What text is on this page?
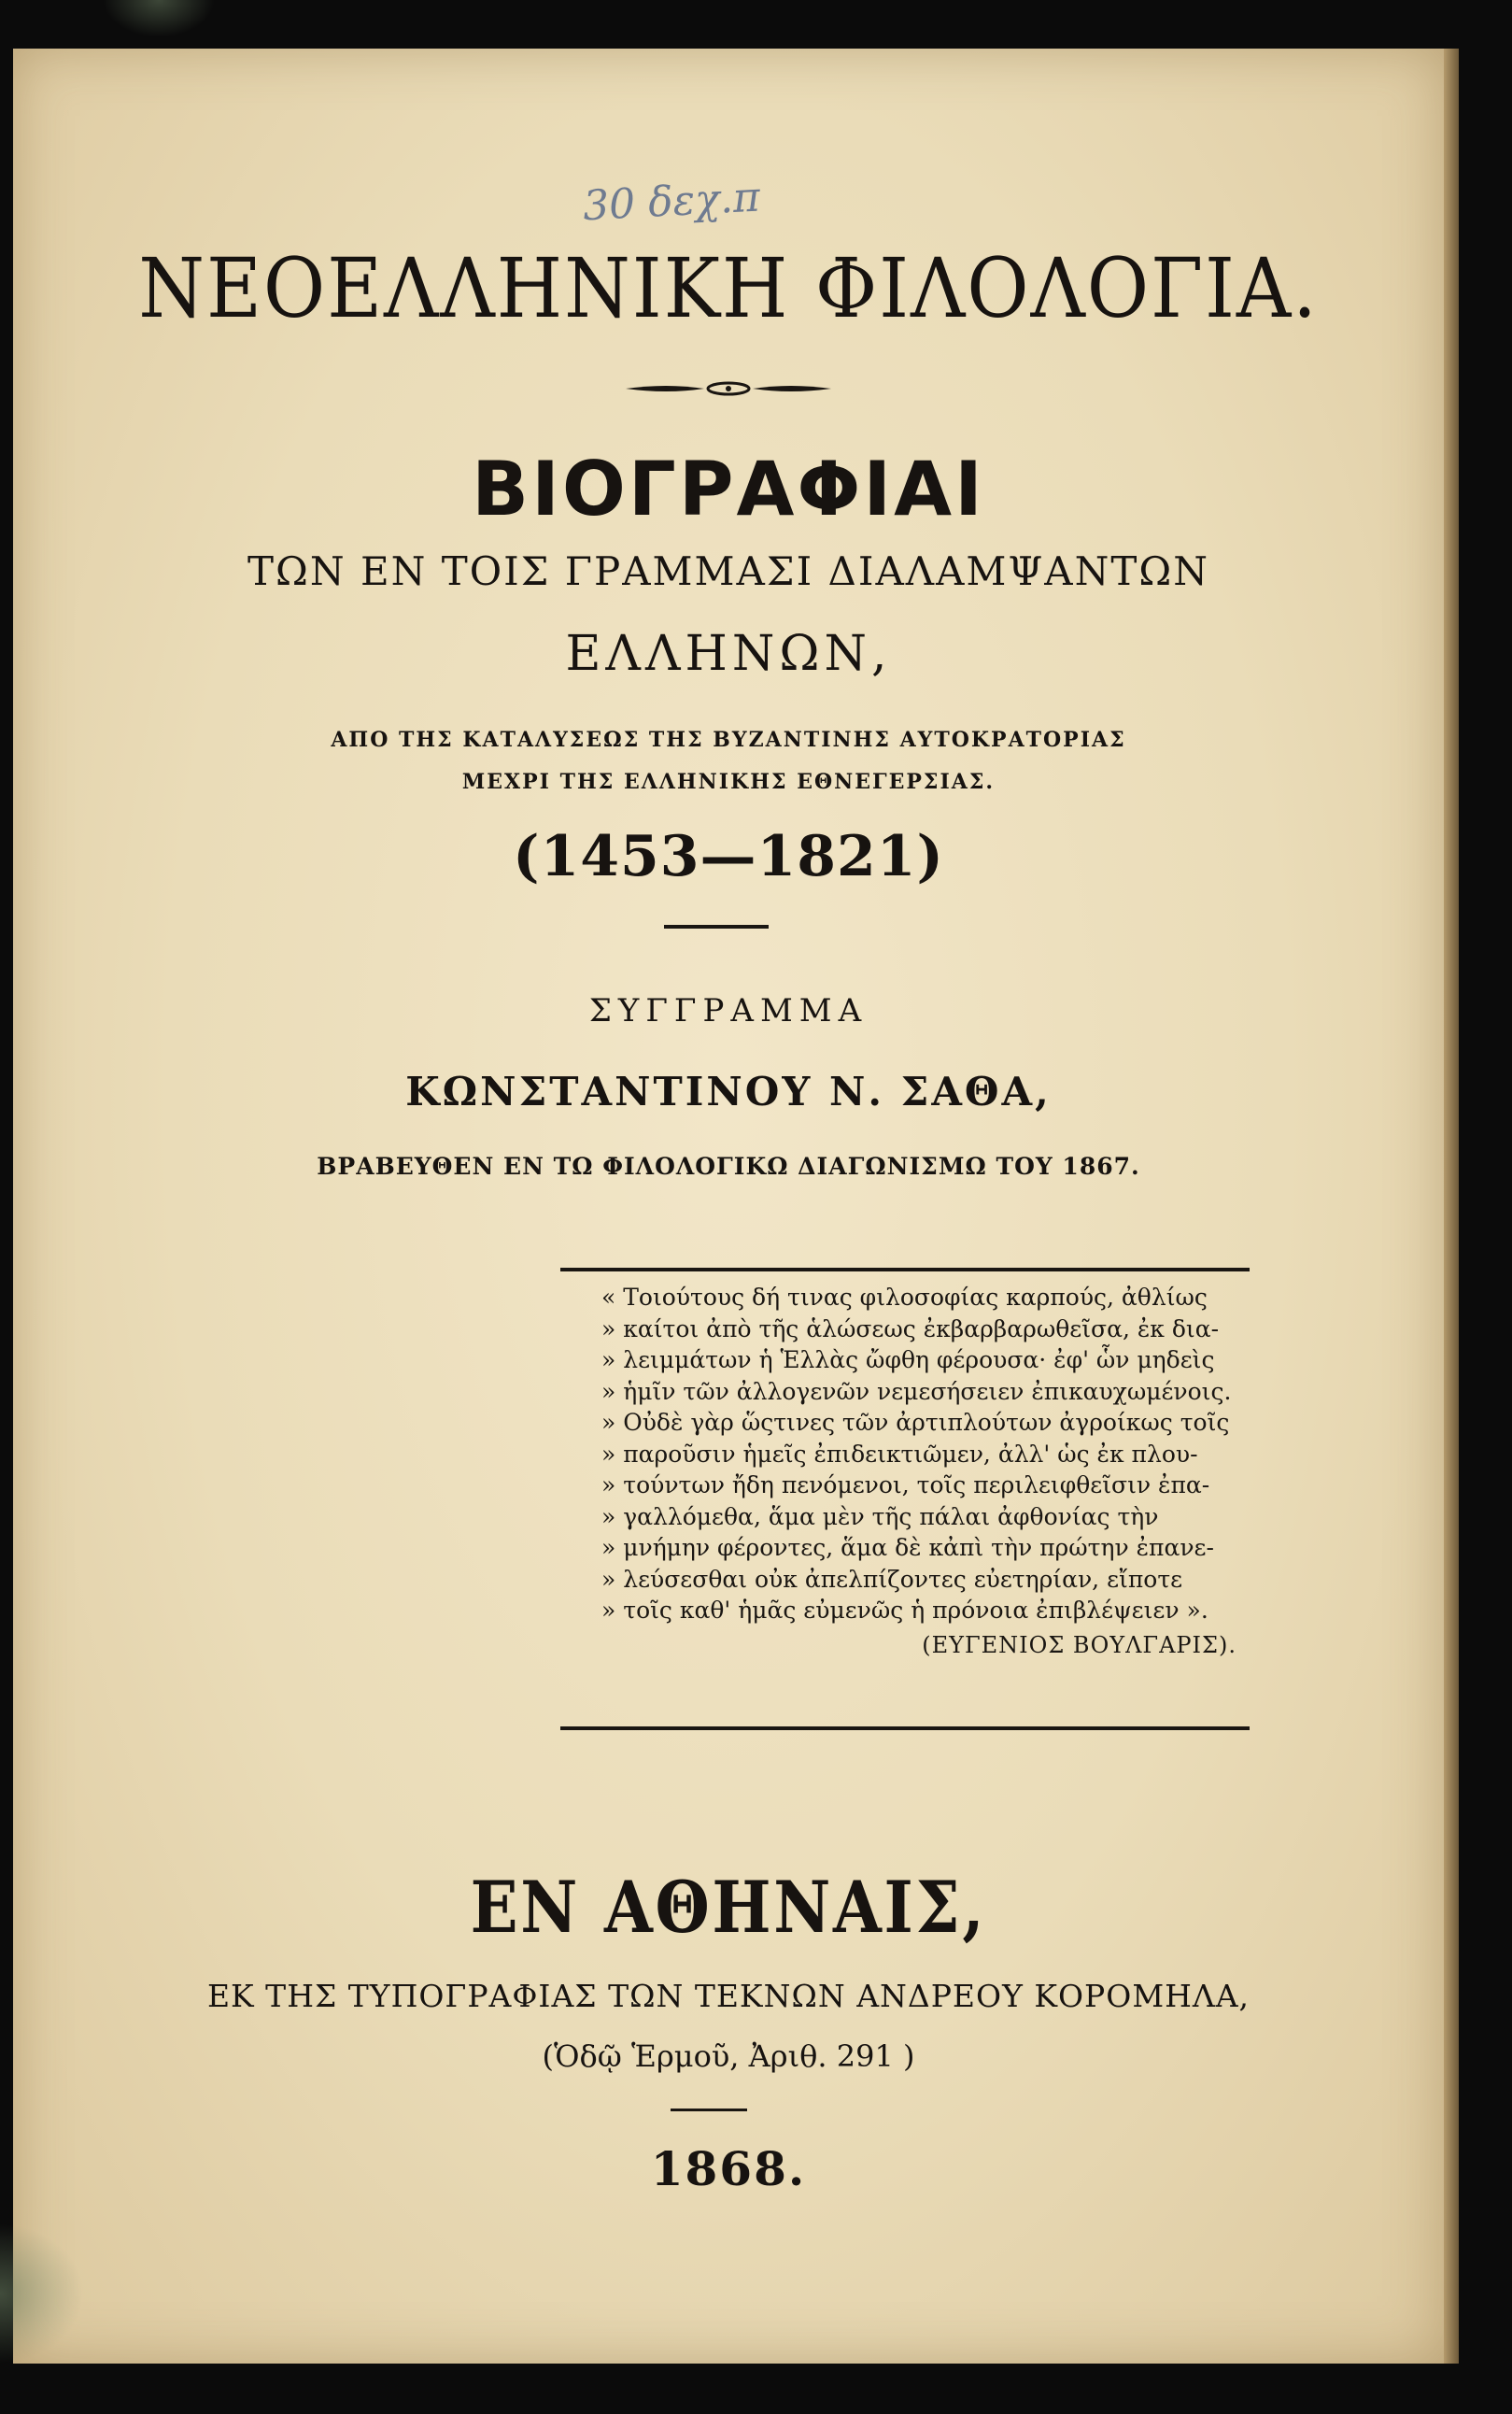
30 δεχ.π
ΝΕΟΕΛΛΗΝΙΚΗ ΦΙΛΟΛΟΓΙΑ.
ΒΙΟΓΡΑΦΙΑΙ
ΤΩΝ ΕΝ ΤΟΙΣ ΓΡΑΜΜΑΣΙ ΔΙΑΛΑΜΨΑΝΤΩΝ
ΕΛΛΗΝΩΝ,
ΑΠΟ ΤΗΣ ΚΑΤΑΛΥΣΕΩΣ ΤΗΣ ΒΥΖΑΝΤΙΝΗΣ ΑΥΤΟΚΡΑΤΟΡΙΑΣ
ΜΕΧΡΙ ΤΗΣ ΕΛΛΗΝΙΚΗΣ ΕΘΝΕΓΕΡΣΙΑΣ.
(1453—1821)
ΣΥΓΓΡΑΜΜΑ
ΚΩΝΣΤΑΝΤΙΝΟΥ Ν. ΣΑΘΑ,
ΒΡΑΒΕΥΘΕΝ ΕΝ ΤΩ ΦΙΛΟΛΟΓΙΚΩ ΔΙΑΓΩΝΙΣΜΩ ΤΟΥ 1867.
« Τοιούτους δή τινας φιλοσοφίας καρπούς, ἀθλίως
» καίτοι ἀπὸ τῆς ἁλώσεως ἐκβαρβαρωθεῖσα, ἐκ δια-
» λειμμάτων ἡ Ἑλλὰς ὤφθη φέρουσα· ἐφ' ὧν μηδεὶς
» ἡμῖν τῶν ἀλλογενῶν νεμεσήσειεν ἐπικαυχωμένοις.
» Οὐδὲ γὰρ ὥςτινες τῶν ἀρτιπλούτων ἀγροίκως τοῖς
» παροῦσιν ἡμεῖς ἐπιδεικτιῶμεν, ἀλλ' ὡς ἐκ πλου-
» τούντων ἤδη πενόμενοι, τοῖς περιλειφθεῖσιν ἐπα-
» γαλλόμεθα, ἅμα μὲν τῆς πάλαι ἀφθονίας τὴν
» μνήμην φέροντες, ἅμα δὲ κἀπὶ τὴν πρώτην ἐπανε-
» λεύσεσθαι οὐκ ἀπελπίζοντες εὐετηρίαν, εἴποτε
» τοῖς καθ' ἡμᾶς εὐμενῶς ἡ πρόνοια ἐπιβλέψειεν ».
(ΕΥΓΕΝΙΟΣ ΒΟΥΛΓΑΡΙΣ).
ΕΝ ΑΘΗΝΑΙΣ,
ΕΚ ΤΗΣ ΤΥΠΟΓΡΑΦΙΑΣ ΤΩΝ ΤΕΚΝΩΝ ΑΝΔΡΕΟΥ ΚΟΡΟΜΗΛΑ,
(Ὁδῷ Ἑρμοῦ, Ἀριθ. 291 )
1868.
